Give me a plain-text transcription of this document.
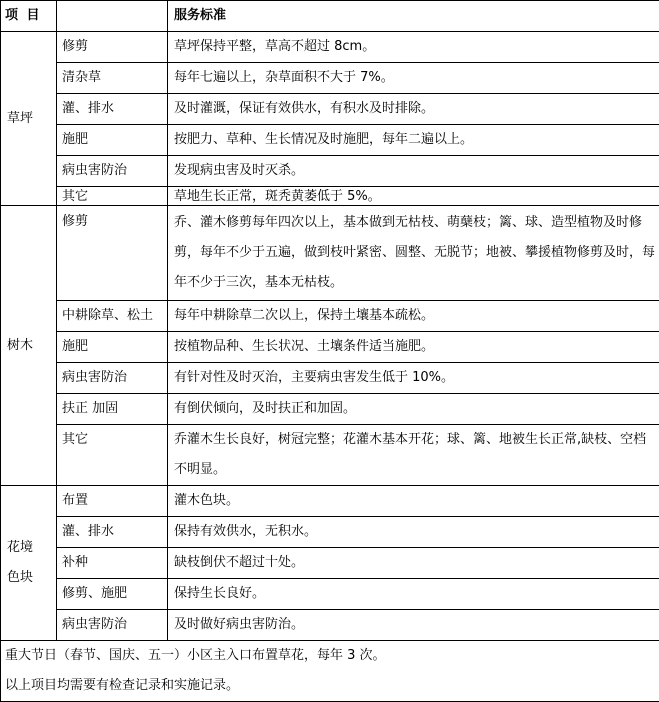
项 目		服务标准
草坪	修剪	草坪保持平整，草高不超过 8cm。
	清杂草	每年七遍以上，杂草面积不大于 7%。
	灌、排水	及时灌溉，保证有效供水，有积水及时排除。
	施肥	按肥力、草种、生长情况及时施肥，每年二遍以上。
	病虫害防治	发现病虫害及时灭杀。
	其它	草地生长正常，斑秃黄萎低于 5%。
树木	修剪	乔、灌木修剪每年四次以上，基本做到无枯枝、萌蘖枝；篱、球、造型植物及时修剪，每年不少于五遍，做到枝叶紧密、圆整、无脱节；地被、攀援植物修剪及时，每年不少于三次，基本无枯枝。
	中耕除草、松土	每年中耕除草二次以上，保持土壤基本疏松。
	施肥	按植物品种、生长状况、土壤条件适当施肥。
	病虫害防治	有针对性及时灭治，主要病虫害发生低于 10%。
	扶正 加固	有倒伏倾向，及时扶正和加固。
	其它	乔灌木生长良好，树冠完整；花灌木基本开花；球、篱、地被生长正常,缺枝、空档不明显。

花境
色块	布置	灌木色块。
	灌、排水	保持有效供水，无积水。
	补种	缺枝倒伏不超过十处。
	修剪、施肥	保持生长良好。
	病虫害防治	及时做好病虫害防治。

重大节日（春节、国庆、五一）小区主入口布置草花，每年 3 次。
以上项目均需要有检查记录和实施记录。		
